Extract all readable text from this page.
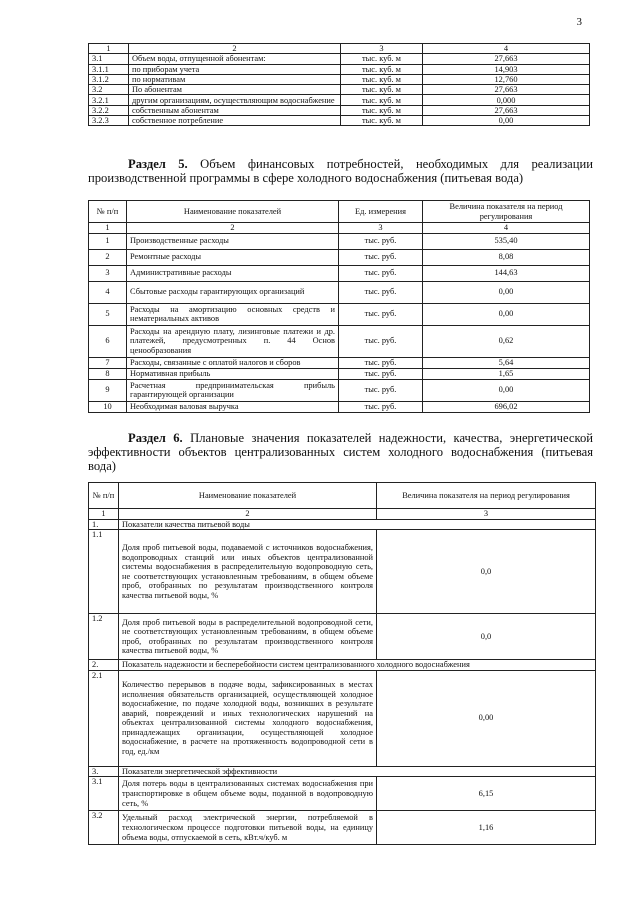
3
1	2	3	4
3.1	Объем воды, отпущенной абонентам:	тыс. куб. м	27,663
3.1.1	по приборам учета	тыс. куб. м	14,903
3.1.2	по нормативам	тыс. куб. м	12,760
3.2	По абонентам	тыс. куб. м	27,663
3.2.1	другим организациям, осуществляющим водоснабжение	тыс. куб. м	0,000
3.2.2	собственным абонентам	тыс. куб. м	27,663
3.2.3	собственное потребление	тыс. куб. м	0,00
Раздел 5. Объем финансовых потребностей, необходимых для реализации производственной программы в сфере холодного водоснабжения (питьевая вода)
№ п/п	Наименование показателей	Ед. измерения	Величина показателя на период регулирования
1	2	3	4
1	Производственные расходы	тыс. руб.	535,40
2	Ремонтные расходы	тыс. руб.	8,08
3	Административные расходы	тыс. руб.	144,63
4	Сбытовые расходы гарантирующих организаций	тыс. руб.	0,00
5	Расходы на амортизацию основных средств и нематериальных активов	тыс. руб.	0,00
6	Расходы на арендную плату, лизинговые платежи и др. платежей, предусмотренных п. 44 Основ ценообразования	тыс. руб.	0,62
7	Расходы, связанные с оплатой налогов и сборов	тыс. руб.	5,64
8	Нормативная прибыль	тыс. руб.	1,65
9	Расчетная предпринимательская прибыль гарантирующей организации	тыс. руб.	0,00
10	Необходимая валовая выручка	тыс. руб.	696,02
Раздел 6. Плановые значения показателей надежности, качества, энергетической эффективности объектов централизованных систем холодного водоснабжения (питьевая вода)
№ п/п	Наименование показателей	Величина показателя на период регулирования
1	2	3
1.	Показатели качества питьевой воды	
1.1	Доля проб питьевой воды, подаваемой с источников водоснабжения, водопроводных станций или иных объектов централизованной системы водоснабжения в распределительную водопроводную сеть, не соответствующих установленным требованиям, в общем объеме проб, отобранных по результатам производственного контроля качества питьевой воды, %	0,0
1.2	Доля проб питьевой воды в распределительной водопроводной сети, не соответствующих установленным требованиям, в общем объеме проб, отобранных по результатам производственного контроля качества питьевой воды, %	0,0
2.	Показатель надежности и бесперебойности систем централизованного холодного водоснабжения	
2.1	Количество перерывов в подаче воды, зафиксированных в местах исполнения обязательств организацией, осуществляющей холодное водоснабжение, по подаче холодной воды, возникших в результате аварий, повреждений и иных технологических нарушений на объектах централизованной системы холодного водоснабжения, принадлежащих организации, осуществляющей холодное водоснабжение, в расчете на протяженность водопроводной сети в год, ед./км	0,00
3.	Показатели энергетической эффективности	
3.1	Доля потерь воды в централизованных системах водоснабжения при транспортировке в общем объеме воды, поданной в водопроводную сеть, %	6,15
3.2	Удельный расход электрической энергии, потребляемой в технологическом процессе подготовки питьевой воды, на единицу объема воды, отпускаемой в сеть, кВт.ч/куб. м	1,16
